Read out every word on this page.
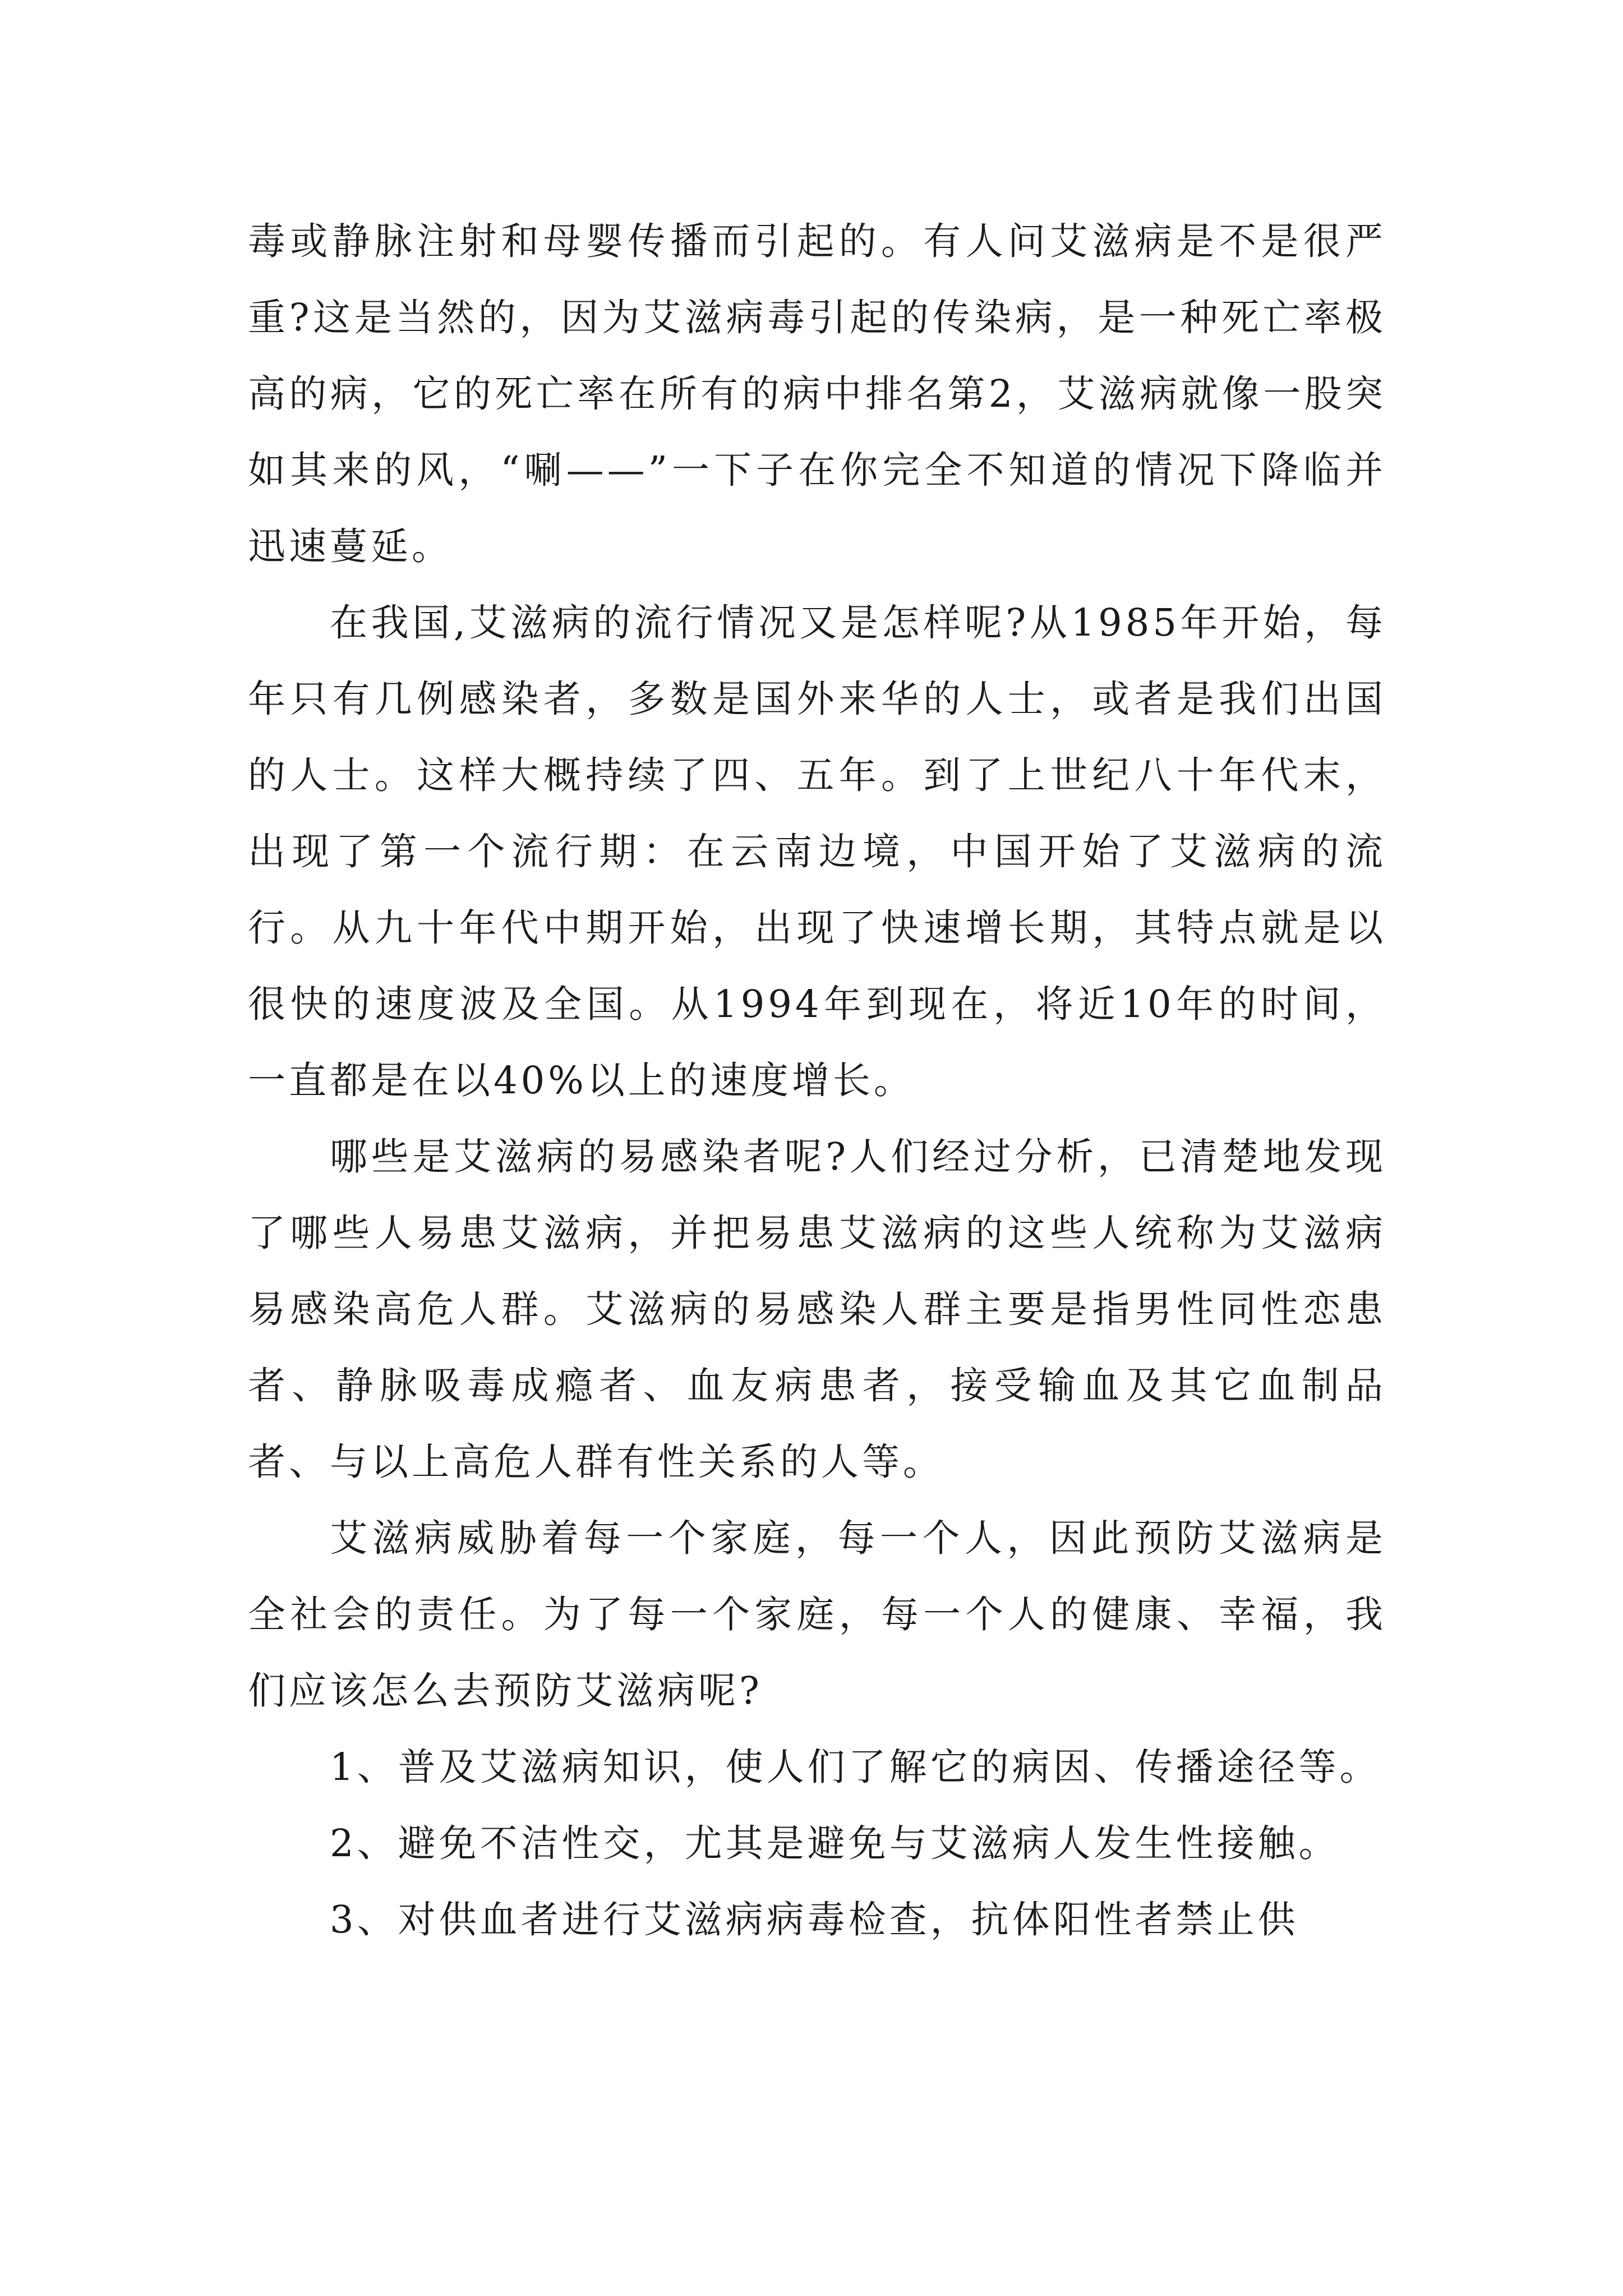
毒或静脉注射和母婴传播而引起的。有人问艾滋病是不是很严重?这是当然的，因为艾滋病毒引起的传染病，是一种死亡率极高的病，它的死亡率在所有的病中排名第2，艾滋病就像一股突如其来的风，“唰——”一下子在你完全不知道的情况下降临并迅速蔓延。

在我国,艾滋病的流行情况又是怎样呢?从1985年开始，每年只有几例感染者，多数是国外来华的人士，或者是我们出国的人士。这样大概持续了四、五年。到了上世纪八十年代末，出现了第一个流行期：在云南边境，中国开始了艾滋病的流行。从九十年代中期开始，出现了快速增长期，其特点就是以很快的速度波及全国。从1994年到现在，将近10年的时间，一直都是在以40%以上的速度增长。

哪些是艾滋病的易感染者呢?人们经过分析，已清楚地发现了哪些人易患艾滋病，并把易患艾滋病的这些人统称为艾滋病易感染高危人群。艾滋病的易感染人群主要是指男性同性恋患者、静脉吸毒成瘾者、血友病患者，接受输血及其它血制品者、与以上高危人群有性关系的人等。

艾滋病威胁着每一个家庭，每一个人，因此预防艾滋病是全社会的责任。为了每一个家庭，每一个人的健康、幸福，我们应该怎么去预防艾滋病呢?

1、普及艾滋病知识，使人们了解它的病因、传播途径等。

2、避免不洁性交，尤其是避免与艾滋病人发生性接触。

3、对供血者进行艾滋病病毒检查，抗体阳性者禁止供
